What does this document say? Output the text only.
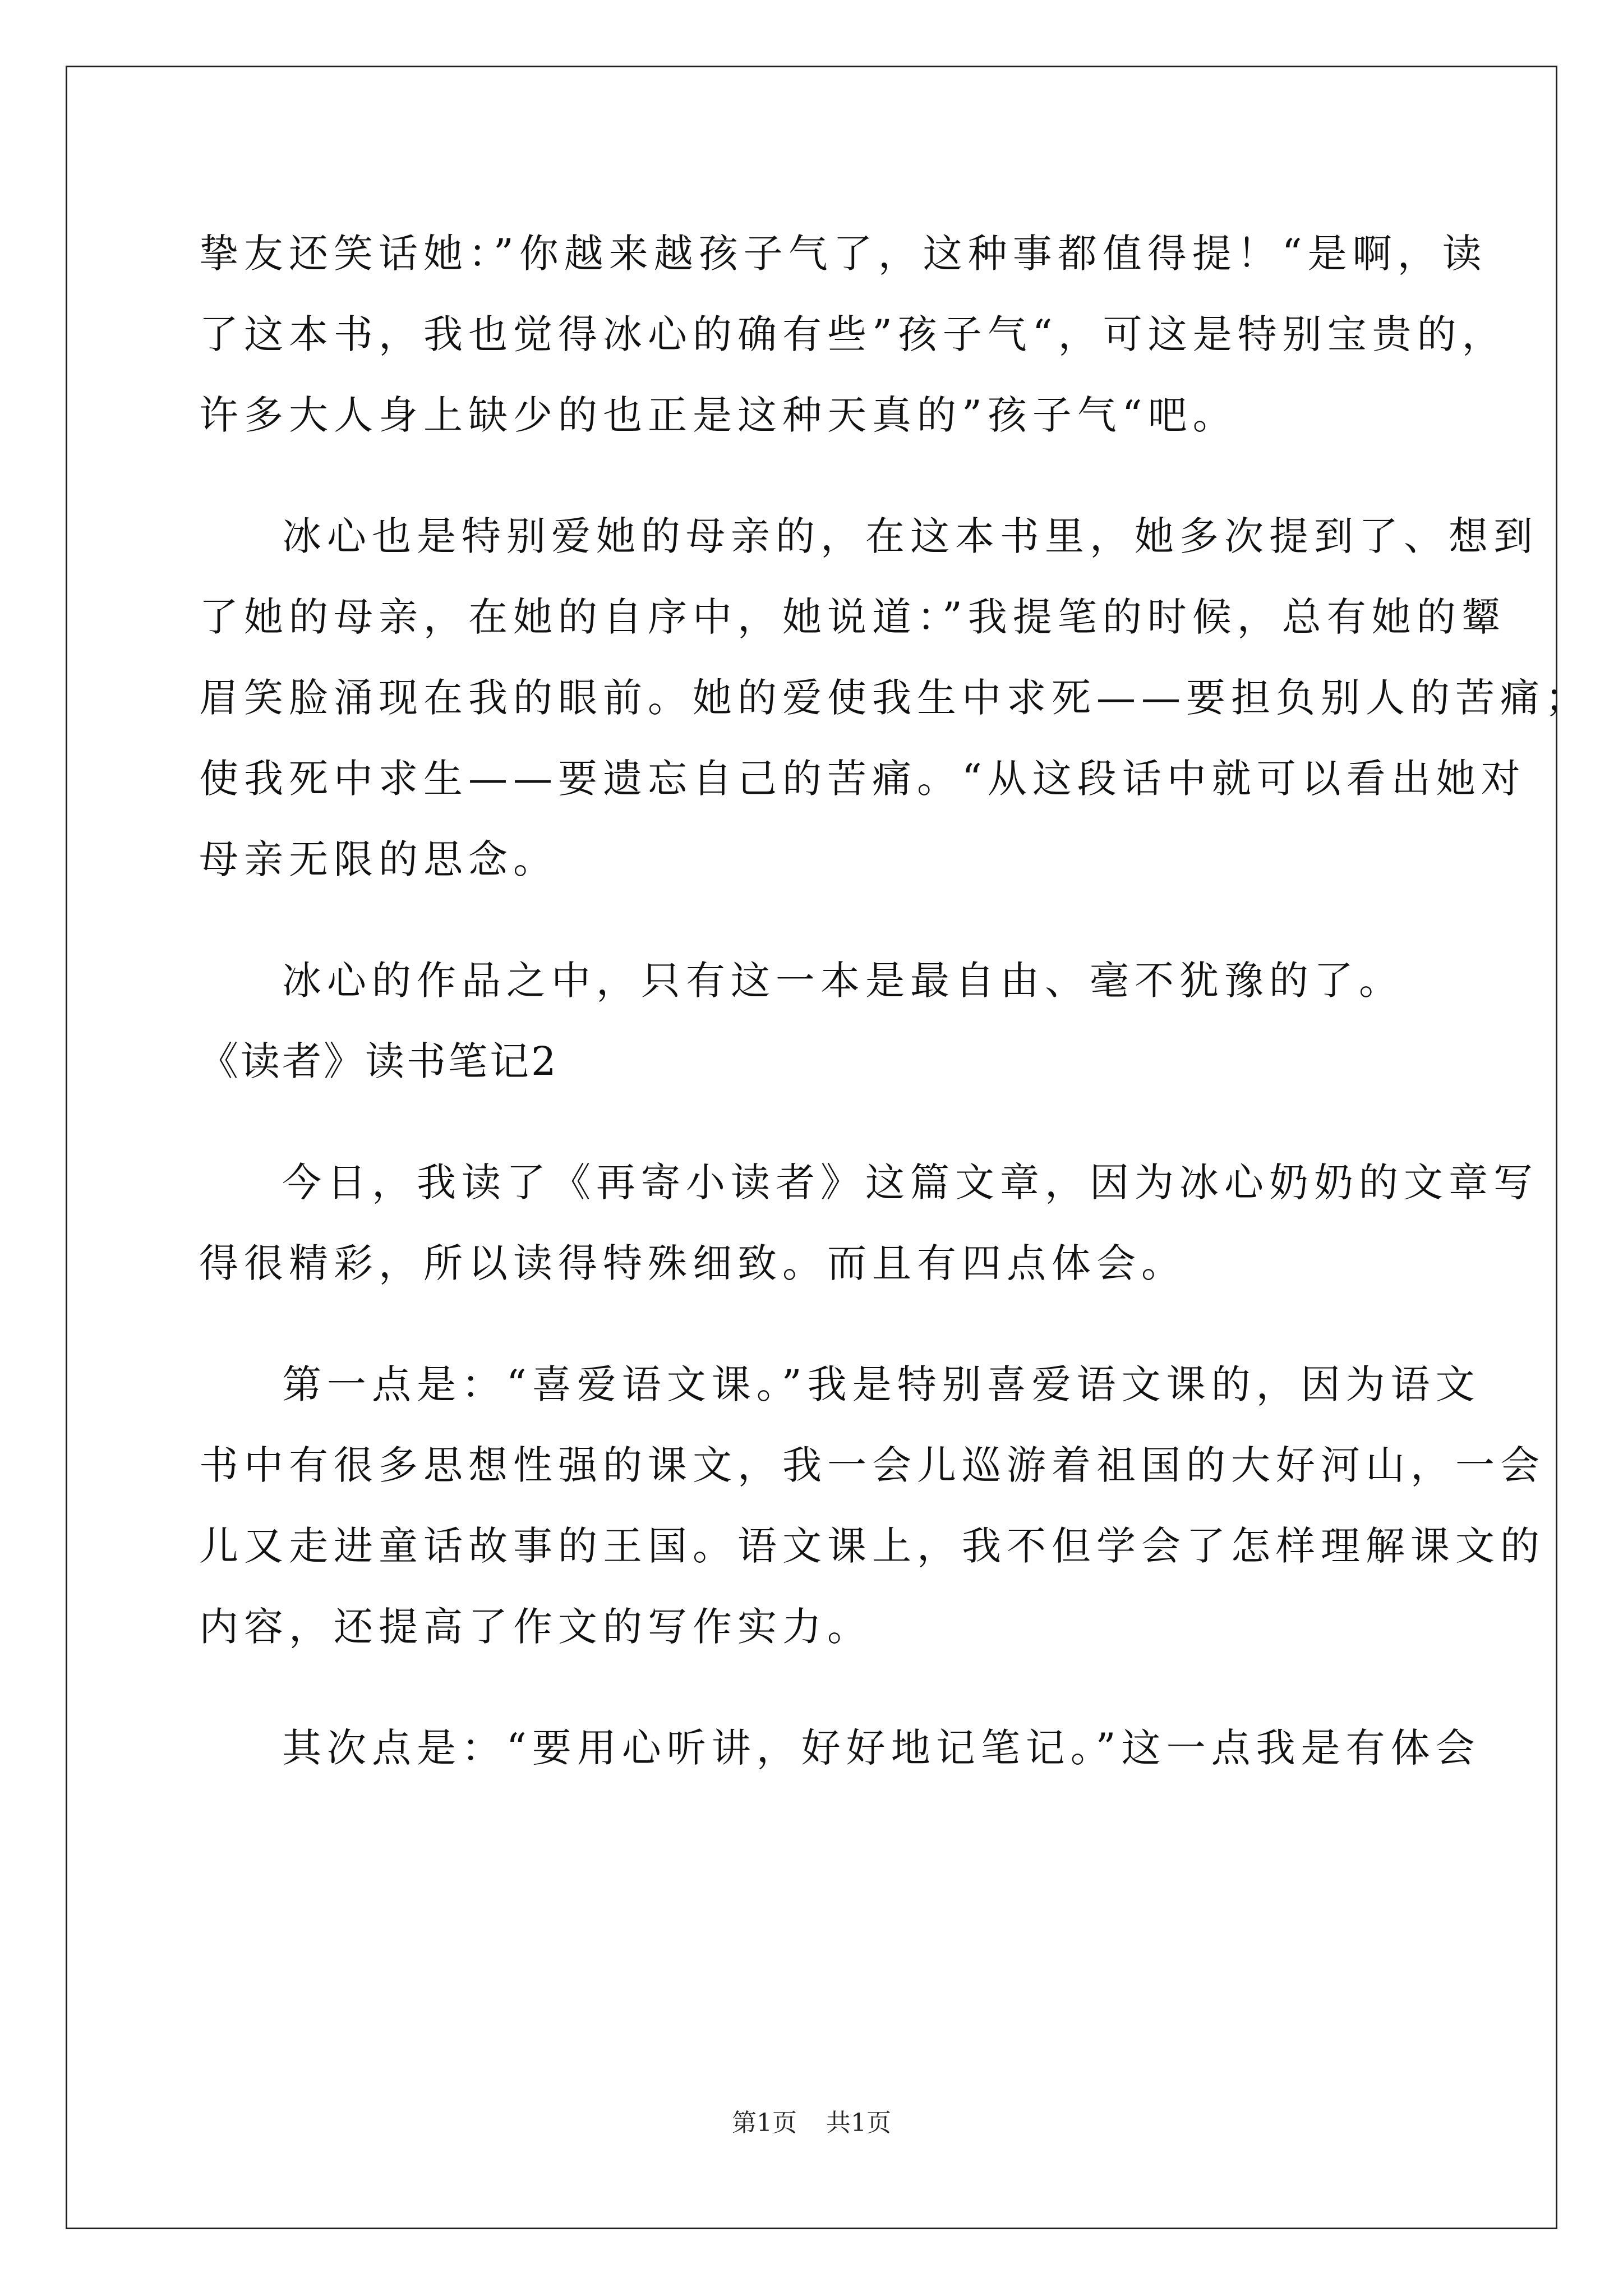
挚友还笑话她：”你越来越孩子气了，这种事都值得提！“是啊，读
了这本书，我也觉得冰心的确有些”孩子气“，可这是特别宝贵的，
许多大人身上缺少的也正是这种天真的”孩子气“吧。
冰心也是特别爱她的母亲的，在这本书里，她多次提到了、想到
了她的母亲，在她的自序中，她说道：”我提笔的时候，总有她的颦
眉笑脸涌现在我的眼前。她的爱使我生中求死——要担负别人的苦痛；
使我死中求生——要遗忘自己的苦痛。“从这段话中就可以看出她对
母亲无限的思念。
冰心的作品之中，只有这一本是最自由、毫不犹豫的了。
《读者》读书笔记2
今日，我读了《再寄小读者》这篇文章，因为冰心奶奶的文章写
得很精彩，所以读得特殊细致。而且有四点体会。
第一点是：“喜爱语文课。”我是特别喜爱语文课的，因为语文
书中有很多思想性强的课文，我一会儿巡游着祖国的大好河山，一会
儿又走进童话故事的王国。语文课上，我不但学会了怎样理解课文的
内容，还提高了作文的写作实力。
其次点是：“要用心听讲，好好地记笔记。”这一点我是有体会
第1页 共1页
